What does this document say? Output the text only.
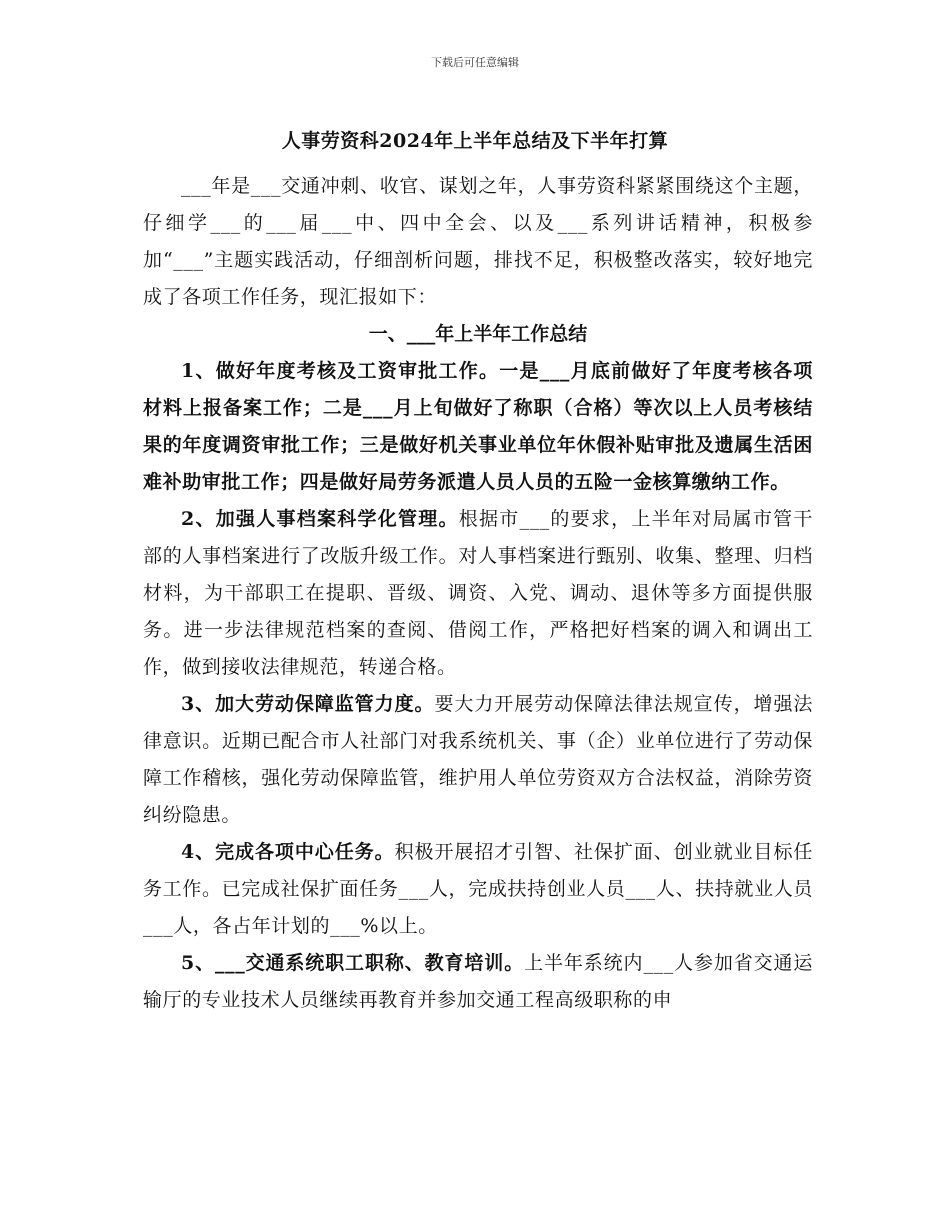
下载后可任意编辑
人事劳资科2024年上半年总结及下半年打算

___年是___交通冲刺、收官、谋划之年，人事劳资科紧紧围绕这个主题，仔细学___的___届___中、四中全会、以及___系列讲话精神，积极参加“___”主题实践活动，仔细剖析问题，排找不足，积极整改落实，较好地完成了各项工作任务，现汇报如下：

一、___年上半年工作总结

1、做好年度考核及工资审批工作。一是___月底前做好了年度考核各项材料上报备案工作；二是___月上旬做好了称职（合格）等次以上人员考核结果的年度调资审批工作；三是做好机关事业单位年休假补贴审批及遗属生活困难补助审批工作；四是做好局劳务派遣人员人员的五险一金核算缴纳工作。

2、加强人事档案科学化管理。根据市___的要求，上半年对局属市管干部的人事档案进行了改版升级工作。对人事档案进行甄别、收集、整理、归档材料，为干部职工在提职、晋级、调资、入党、调动、退休等多方面提供服务。进一步法律规范档案的查阅、借阅工作，严格把好档案的调入和调出工作，做到接收法律规范，转递合格。

3、加大劳动保障监管力度。要大力开展劳动保障法律法规宣传，增强法律意识。近期已配合市人社部门对我系统机关、事（企）业单位进行了劳动保障工作稽核，强化劳动保障监管，维护用人单位劳资双方合法权益，消除劳资纠纷隐患。

4、完成各项中心任务。积极开展招才引智、社保扩面、创业就业目标任务工作。已完成社保扩面任务___人，完成扶持创业人员___人、扶持就业人员___人，各占年计划的___%以上。

5、___交通系统职工职称、教育培训。上半年系统内___人参加省交通运输厅的专业技术人员继续再教育并参加交通工程高级职称的申
